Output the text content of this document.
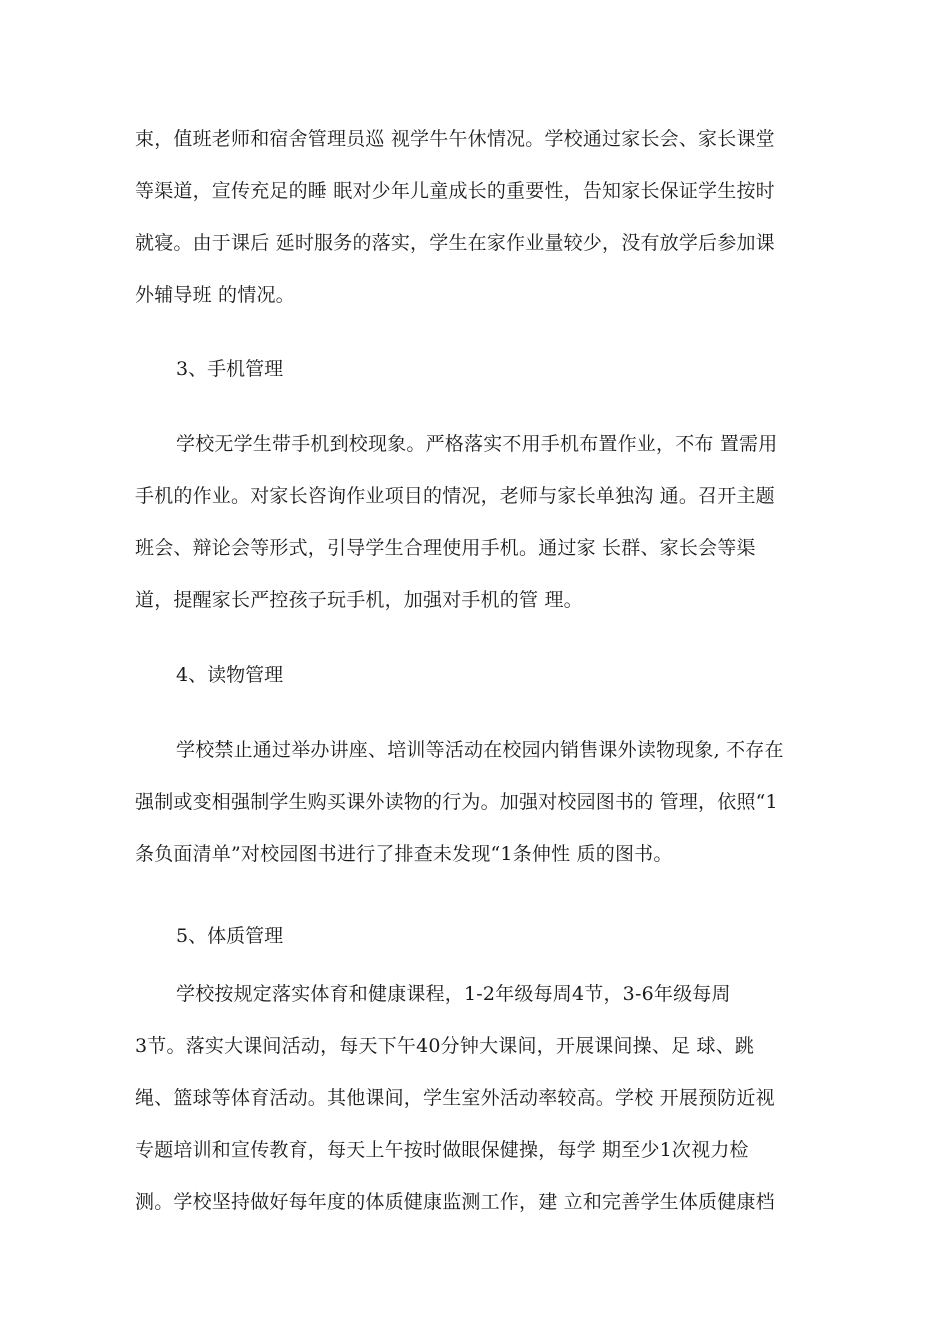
束，值班老师和宿舍管理员巡 视学牛午休情况。学校通过家长会、家长课堂
等渠道，宣传充足的睡 眠对少年儿童成长的重要性，告知家长保证学生按时
就寝。由于课后 延时服务的落实，学生在家作业量较少，没有放学后参加课
外辅导班 的情况。
3、手机管理
学校无学生带手机到校现象。严格落实不用手机布置作业，不布 置需用
手机的作业。对家长咨询作业项目的情况，老师与家长单独沟 通。召开主题
班会、辩论会等形式，引导学生合理使用手机。通过家 长群、家长会等渠
道，提醒家长严控孩子玩手机，加强对手机的管 理。
4、读物管理
学校禁止通过举办讲座、培训等活动在校园内销售课外读物现象, 不存在
强制或变相强制学生购买课外读物的行为。加强对校园图书的 管理，依照“1
条负面清单”对校园图书进行了排查未发现“1条伸性 质的图书。
5、体质管理
学校按规定落实体育和健康课程，1-2年级每周4节，3-6年级每周
3节。落实大课间活动，每天下午40分钟大课间，开展课间操、足 球、跳
绳、篮球等体育活动。其他课间，学生室外活动率较高。学校 开展预防近视
专题培训和宣传教育，每天上午按时做眼保健操，每学 期至少1次视力检
测。学校坚持做好每年度的体质健康监测工作，建 立和完善学生体质健康档
